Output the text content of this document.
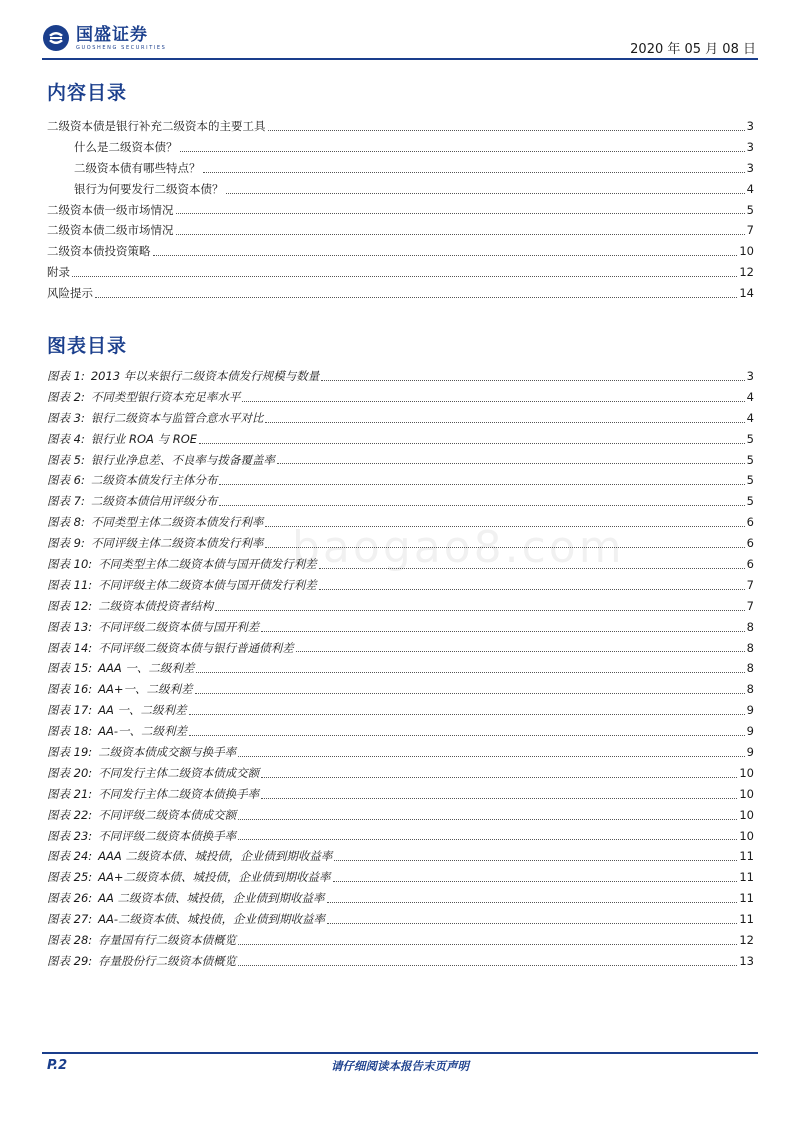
国盛证券
GUOSHENG SECURITIES	2020 年 05 月 08 日
内容目录
二级资本债是银行补充二级资本的主要工具	3
什么是二级资本债？	3
二级资本债有哪些特点？	3
银行为何要发行二级资本债？	4
二级资本债一级市场情况	5
二级资本债二级市场情况	7
二级资本债投资策略	10
附录	12
风险提示	14
图表目录
图表 1: 2013 年以来银行二级资本债发行规模与数量	3
图表 2: 不同类型银行资本充足率水平	4
图表 3: 银行二级资本与监管合意水平对比	4
图表 4: 银行业 ROA 与 ROE	5
图表 5: 银行业净息差、不良率与拨备覆盖率	5
图表 6: 二级资本债发行主体分布	5
图表 7: 二级资本债信用评级分布	5
图表 8: 不同类型主体二级资本债发行利率	6
图表 9: 不同评级主体二级资本债发行利率	6
图表 10: 不同类型主体二级资本债与国开债发行利差	6
图表 11: 不同评级主体二级资本债与国开债发行利差	7
图表 12: 二级资本债投资者结构	7
图表 13: 不同评级二级资本债与国开利差	8
图表 14: 不同评级二级资本债与银行普通债利差	8
图表 15: AAA 一、二级利差	8
图表 16: AA+一、二级利差	8
图表 17: AA 一、二级利差	9
图表 18: AA-一、二级利差	9
图表 19: 二级资本债成交额与换手率	9
图表 20: 不同发行主体二级资本债成交额	10
图表 21: 不同发行主体二级资本债换手率	10
图表 22: 不同评级二级资本债成交额	10
图表 23: 不同评级二级资本债换手率	10
图表 24: AAA 二级资本债、城投债，企业债到期收益率	11
图表 25: AA+二级资本债、城投债，企业债到期收益率	11
图表 26: AA 二级资本债、城投债，企业债到期收益率	11
图表 27: AA-二级资本债、城投债，企业债到期收益率	11
图表 28: 存量国有行二级资本债概览	12
图表 29: 存量股份行二级资本债概览	13
baogao8.com
P.2	请仔细阅读本报告末页声明
